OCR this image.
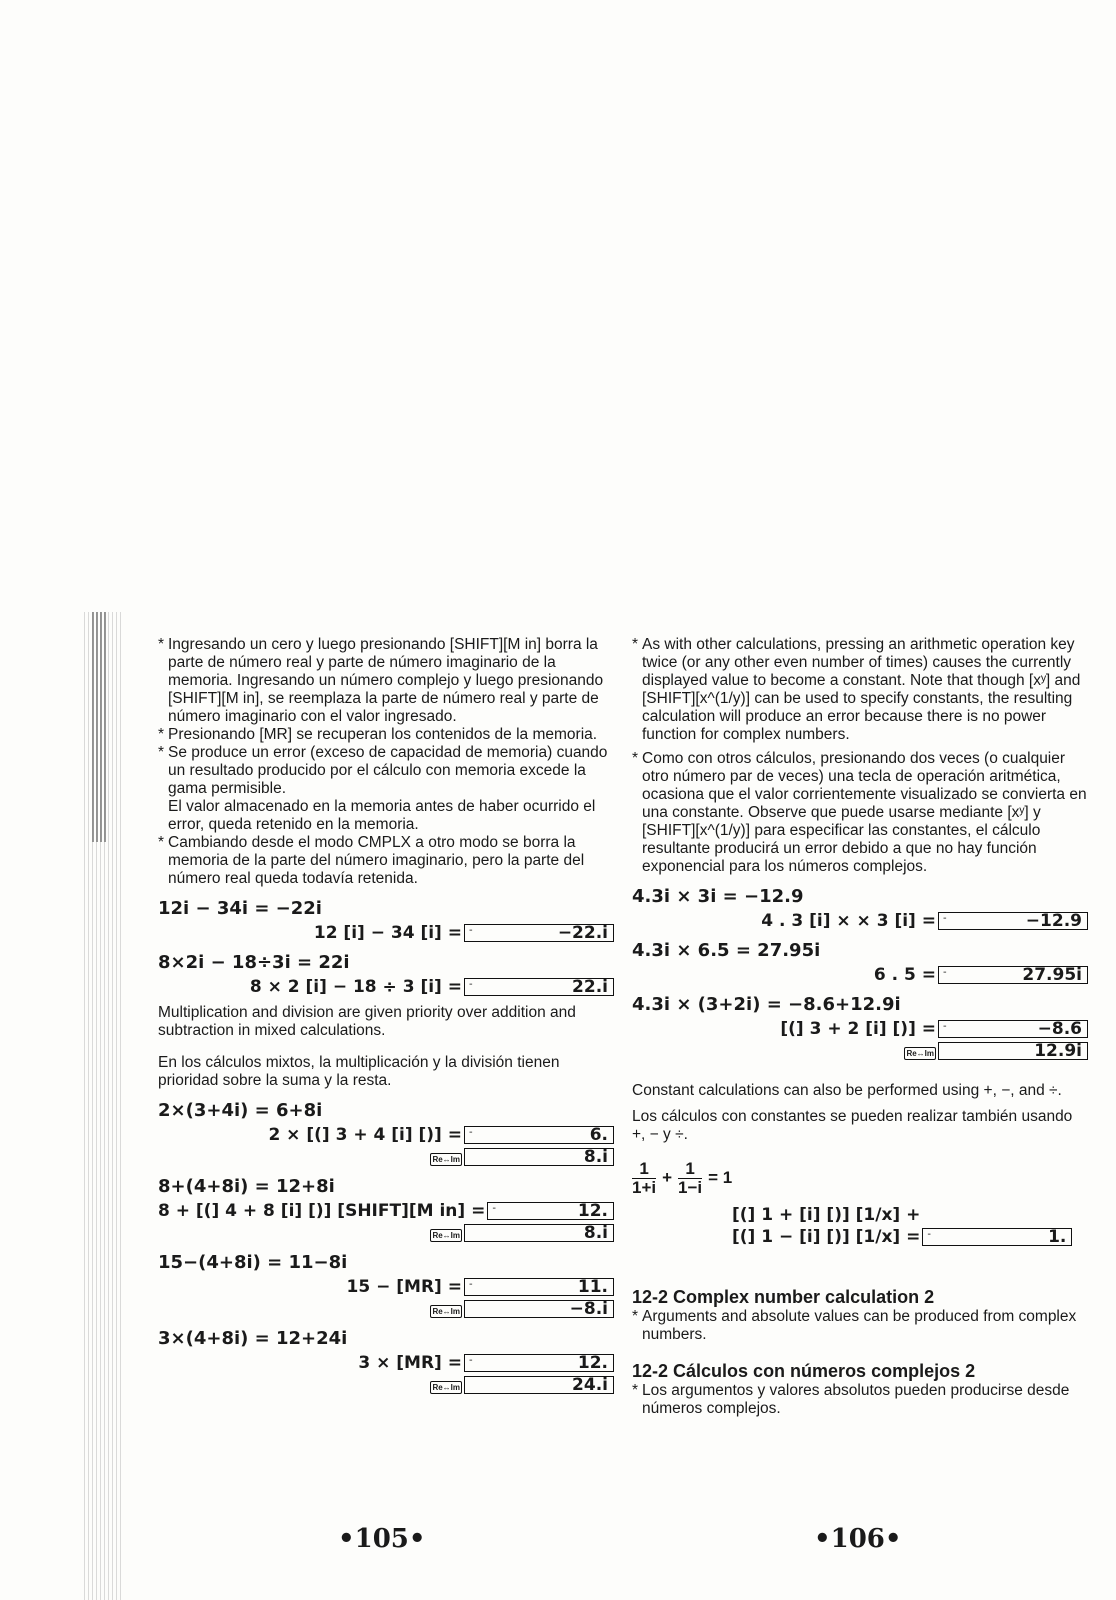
* Ingresando un cero y luego presionando [SHIFT][M in] borra la parte de número real y parte de número imaginario de la memoria. Ingresando un número complejo y luego presionando [SHIFT][M in], se reemplaza la parte de número real y parte de número imaginario con el valor ingresado.
* Presionando [MR] se recuperan los contenidos de la memoria.
* Se produce un error (exceso de capacidad de memoria) cuando un resultado producido por el cálculo con memoria excede la gama permisible.

El valor almacenado en la memoria antes de haber ocurrido el error, queda retenido en la memoria.

* Cambiando desde el modo CMPLX a otro modo se borra la memoria de la parte del número imaginario, pero la parte del número real queda todavía retenida.
12i − 34i = −22i
12 [i] − 34 [i] =	- −22.i
8×2i − 18÷3i = 22i
8 × 2 [i] − 18 ÷ 3 [i] =	- 22.i

Multiplication and division are given priority over addition and subtraction in mixed calculations.

En los cálculos mixtos, la multiplicación y la división tienen prioridad sobre la suma y la resta.

2×(3+4i) = 6+8i
2 × [(] 3 + 4 [i] [)] =	- 6.
Re↔Im	8.i
8+(4+8i) = 12+8i
8 + [(] 4 + 8 [i] [)] [SHIFT][M in] =	- 12.
Re↔Im	8.i
15−(4+8i) = 11−8i
15 − [MR] =	- 11.
Re↔Im	−8.i
3×(4+8i) = 12+24i
3 × [MR] =	- 12.
Re↔Im	24.i
* As with other calculations, pressing an arithmetic operation key twice (or any other even number of times) causes the currently displayed value to become a constant. Note that though [xʸ] and [SHIFT][x^(1/y)] can be used to specify constants, the resulting calculation will produce an error because there is no power function for complex numbers.
* Como con otros cálculos, presionando dos veces (o cualquier otro número par de veces) una tecla de operación aritmética, ocasiona que el valor corrientemente visualizado se convierta en una constante. Observe que puede usarse mediante [xʸ] y [SHIFT][x^(1/y)] para especificar las constantes, el cálculo resultante producirá un error debido a que no hay función exponencial para los números complejos.
4.3i × 3i = −12.9
4 . 3 [i] × × 3 [i] =	- −12.9
4.3i × 6.5 = 27.95i
6 . 5 =	- 27.95i
4.3i × (3+2i) = −8.6+12.9i
[(] 3 + 2 [i] [)] =	- −8.6
Re↔Im	12.9i

Constant calculations can also be performed using +, −, and ÷.

Los cálculos con constantes se pueden realizar también usando +, − y ÷.

$\frac{1}{1+i} + \frac{1}{1-i} = 1$
[(] 1 + [i] [)] [1/x] +
[(] 1 − [i] [)] [1/x] =	- 1.
12-2 Complex number calculation 2
* Arguments and absolute values can be produced from complex numbers.
12-2 Cálculos con números complejos 2
* Los argumentos y valores absolutos pueden producirse desde números complejos.
•105•	•106•
